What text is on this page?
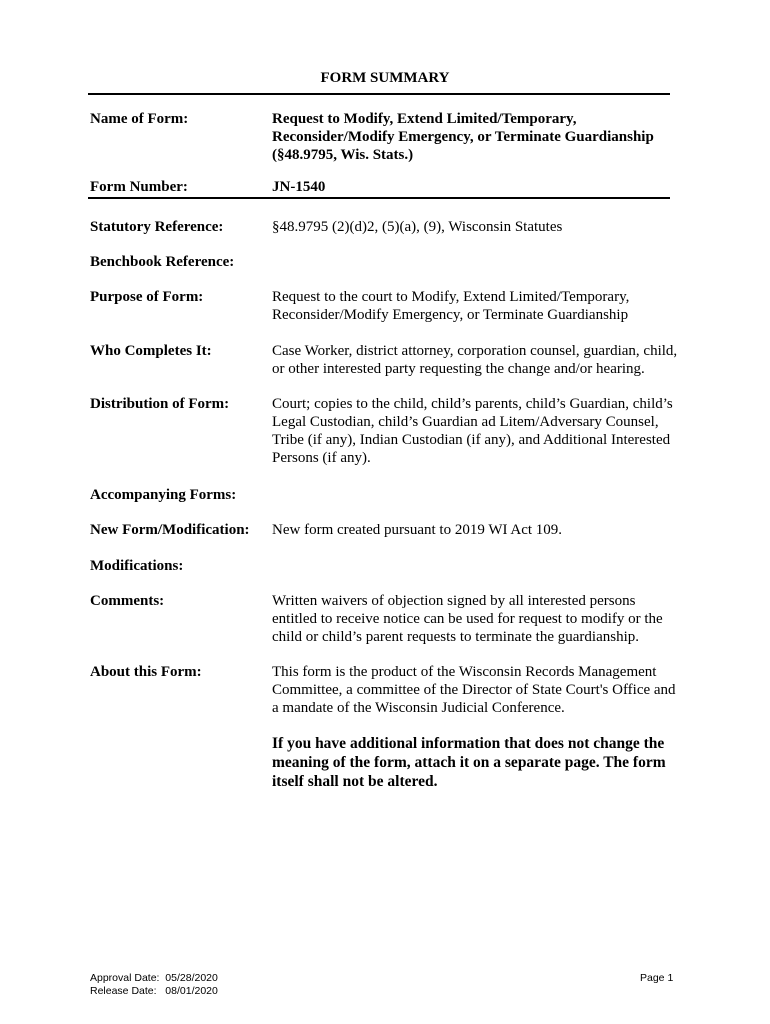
FORM SUMMARY
Name of Form:	Request to Modify, Extend Limited/Temporary, Reconsider/Modify Emergency, or Terminate Guardianship (§48.9795, Wis. Stats.)
Form Number:	JN-1540
Statutory Reference:	§48.9795 (2)(d)2, (5)(a), (9), Wisconsin Statutes
Benchbook Reference:
Purpose of Form:	Request to the court to Modify, Extend Limited/Temporary, Reconsider/Modify Emergency, or Terminate Guardianship
Who Completes It:	Case Worker, district attorney, corporation counsel, guardian, child, or other interested party requesting the change and/or hearing.
Distribution of Form:	Court; copies to the child, child’s parents, child’s Guardian, child’s Legal Custodian, child’s Guardian ad Litem/Adversary Counsel, Tribe (if any), Indian Custodian (if any), and Additional Interested Persons (if any).
Accompanying Forms:
New Form/Modification:	New form created pursuant to 2019 WI Act 109.
Modifications:
Comments:	Written waivers of objection signed by all interested persons entitled to receive notice can be used for request to modify or the child or child’s parent requests to terminate the guardianship.
About this Form:	This form is the product of the Wisconsin Records Management Committee, a committee of the Director of State Court's Office and a mandate of the Wisconsin Judicial Conference.
If you have additional information that does not change the meaning of the form, attach it on a separate page. The form itself shall not be altered.
Approval Date:  05/28/2020
Release Date:   08/01/2020
Page 1
